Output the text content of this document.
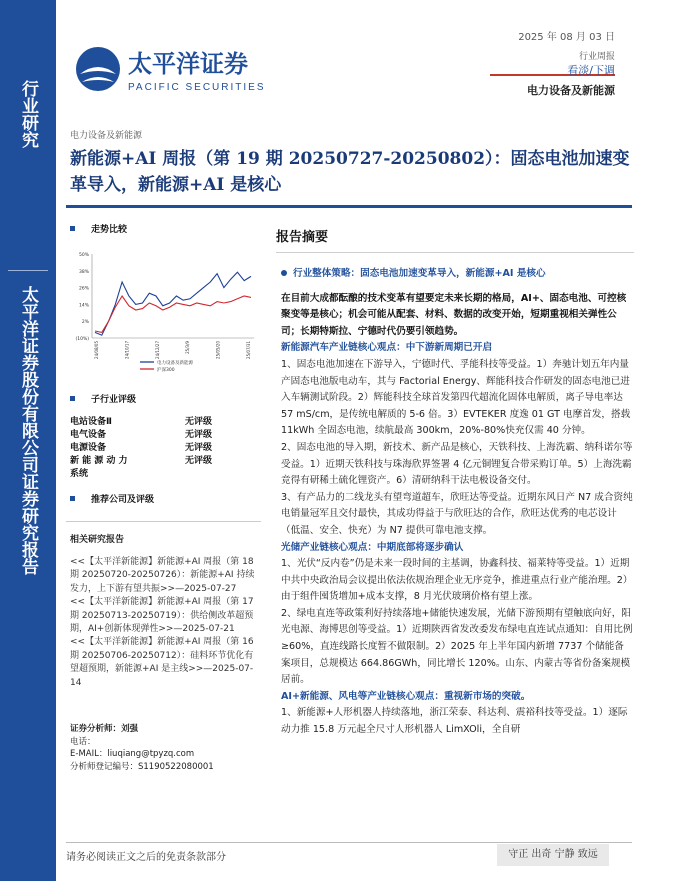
行业研究
太平洋证券股份有限公司证券研究报告
太平洋证券
PACIFIC SECURITIES
2025 年 08 月 03 日
行业周报
看淡/下调
电力设备及新能源
电力设备及新能源
新能源+AI 周报（第 19 期 20250727-20250802）：固态电池加速变革导入，新能源+AI 是核心
走势比较
50%
38%
26%
14%
2%
(10%)
24/08/05	24/10/17	24/12/27	25/3/9	25/05/20	25/07/31
电力设备及新能源
沪深300
子行业评级
电站设备Ⅱ	无评级
电气设备	无评级
电源设备	无评级
新 能 源 动 力	无评级
系统
推荐公司及评级
相关研究报告

<<【太平洋新能源】新能源+AI 周报（第 18 期 20250720-20250726）：新能源+AI 持续发力，上下游有望共振>>—2025-07-27

<<【太平洋新能源】新能源+AI 周报（第 17 期 20250713-20250719）：供给侧改革超预期，AI+创新体现弹性>>—2025-07-21

<<【太平洋新能源】新能源+AI 周报（第 16 期 20250706-20250712）：硅料环节优化有望超预期，新能源+AI 是主线>>—2025-07-14

证券分析师：刘强
电话：
E-MAIL：liuqiang@tpyzq.com
分析师登记编号：S1190522080001
报告摘要

行业整体策略：固态电池加速变革导入，新能源+AI 是核心

在目前大成都酝酿的技术变革有望要定未来长期的格局，AI+、固态电池、可控核聚变等是核心；机会可能从配套、材料、数据的改变开始，短期重视相关弹性公司；长期特斯拉、宁德时代仍要引领趋势。

新能源汽车产业链核心观点：中下游新周期已开启

1、固态电池加速在下游导入，宁德时代、孚能科技等受益。1）奔驰计划五年内量产固态电池版电动车，其与 Factorial Energy、辉能科技合作研发的固态电池已进入车辆测试阶段。2）辉能科技全球首发第四代超流化固体电解质，离子导电率达 57 mS/cm，是传统电解质的 5-6 倍。3）EVTEKER 度逸 01 GT 电摩首发，搭载 11kWh 全固态电池，续航最高 300km，20%-80%快充仅需 40 分钟。

2、固态电池的导入期，新技术、新产品是核心，天铁科技、上海洗霸、纳科诺尔等受益。1）近期天铁科技与珠海欣界签署 4 亿元铜锂复合带采购订单。5）上海洗霸竞得有研稀土硫化锂资产。6）清研纳科干法电极设备交付。

3、有产品力的二线龙头有望弯道超车，欣旺达等受益。近期东风日产 N7 成合资纯电销量冠军且交付最快，其成功得益于与欣旺达的合作，欣旺达优秀的电芯设计（低温、安全、快充）为 N7 提供可靠电池支撑。

光储产业链核心观点：中期底部将逐步确认

1、光伏“反内卷”仍是未来一段时间的主基调，协鑫科技、福莱特等受益。1）近期中共中央政治局会议提出依法依规治理企业无序竞争，推进重点行业产能治理。2）由于组件囤货增加+成本支撑，8 月光伏玻璃价格有望上涨。

2、绿电直连等政策利好持续落地+储能快速发展，光储下游预期有望触底向好，阳光电源、海博思创等受益。1）近期陕西省发改委发布绿电直连试点通知：自用比例≥60%，直连线路长度暂不做限制。2）2025 年上半年国内新增 7737 个储能备案项目，总规模达 664.86GWh，同比增长 120%。山东、内蒙古等省份备案规模居前。

AI+新能源、风电等产业链核心观点：重视新市场的突破。

1、新能源+人形机器人持续落地，浙江荣泰、科达利、震裕科技等受益。1）逐际动力推 15.8 万元起全尺寸人形机器人 LimXOli，全自研

请务必阅读正文之后的免责条款部分	守正 出奇 宁静 致远
